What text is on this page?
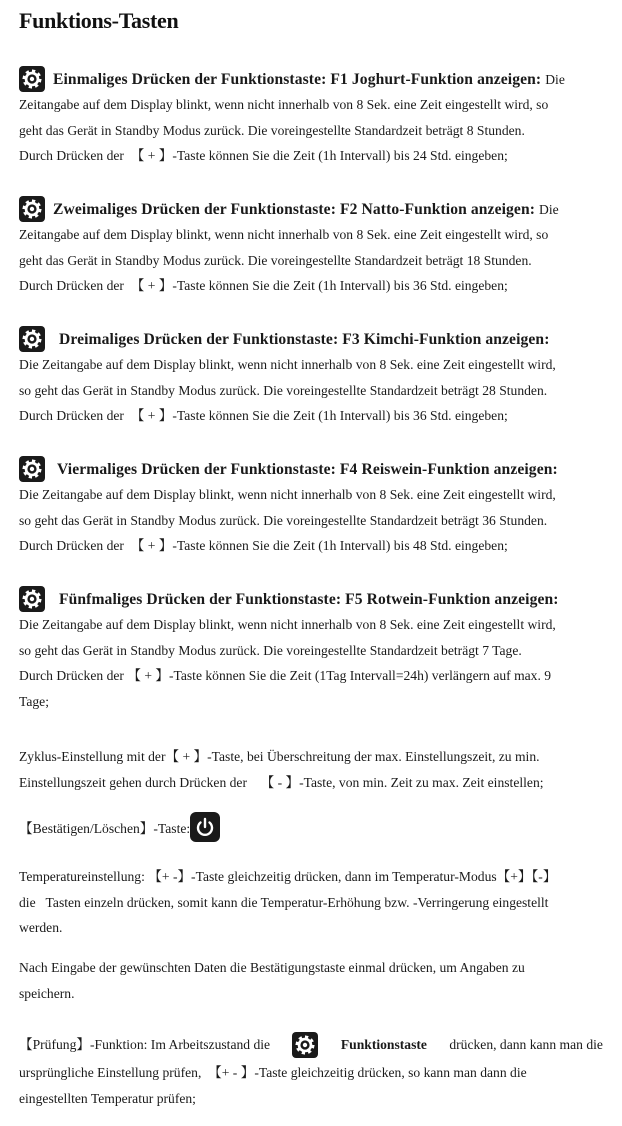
Funktions-Tasten
Einmaliges Drücken der Funktionstaste: F1 Joghurt-Funktion anzeigen: Die
Zeitangabe auf dem Display blinkt, wenn nicht innerhalb von 8 Sek. eine Zeit eingestellt wird, so
geht das Gerät in Standby Modus zurück. Die voreingestellte Standardzeit beträgt 8 Stunden.
Durch Drücken der  【 + 】-Taste können Sie die Zeit (1h Intervall) bis 24 Std. eingeben;
Zweimaliges Drücken der Funktionstaste: F2 Natto-Funktion anzeigen: Die
Zeitangabe auf dem Display blinkt, wenn nicht innerhalb von 8 Sek. eine Zeit eingestellt wird, so
geht das Gerät in Standby Modus zurück. Die voreingestellte Standardzeit beträgt 18 Stunden.
Durch Drücken der  【 + 】-Taste können Sie die Zeit (1h Intervall) bis 36 Std. eingeben;
Dreimaliges Drücken der Funktionstaste: F3 Kimchi-Funktion anzeigen:
Die Zeitangabe auf dem Display blinkt, wenn nicht innerhalb von 8 Sek. eine Zeit eingestellt wird,
so geht das Gerät in Standby Modus zurück. Die voreingestellte Standardzeit beträgt 28 Stunden.
Durch Drücken der  【 + 】-Taste können Sie die Zeit (1h Intervall) bis 36 Std. eingeben;
Viermaliges Drücken der Funktionstaste: F4 Reiswein-Funktion anzeigen:
Die Zeitangabe auf dem Display blinkt, wenn nicht innerhalb von 8 Sek. eine Zeit eingestellt wird,
so geht das Gerät in Standby Modus zurück. Die voreingestellte Standardzeit beträgt 36 Stunden.
Durch Drücken der  【 + 】-Taste können Sie die Zeit (1h Intervall) bis 48 Std. eingeben;
Fünfmaliges Drücken der Funktionstaste: F5 Rotwein-Funktion anzeigen:
Die Zeitangabe auf dem Display blinkt, wenn nicht innerhalb von 8 Sek. eine Zeit eingestellt wird,
so geht das Gerät in Standby Modus zurück. Die voreingestellte Standardzeit beträgt 7 Tage.
Durch Drücken der 【 + 】-Taste können Sie die Zeit (1Tag Intervall=24h) verlängern auf max. 9
Tage;
Zyklus-Einstellung mit der【 + 】-Taste, bei Überschreitung der max. Einstellungszeit, zu min.
Einstellungszeit gehen durch Drücken der    【 - 】-Taste, von min. Zeit zu max. Zeit einstellen;
【Bestätigen/Löschen】-Taste:
Temperatureinstellung: 【+ -】-Taste gleichzeitig drücken, dann im Temperatur-Modus【+】【-】
die   Tasten einzeln drücken, somit kann die Temperatur-Erhöhung bzw. -Verringerung eingestellt
werden.
Nach Eingabe der gewünschten Daten die Bestätigungstaste einmal drücken, um Angaben zu
speichern.
【Prüfung】-Funktion: Im Arbeitszustand die	Funktionstaste drücken, dann kann man die
ursprüngliche Einstellung prüfen,  【+ - 】-Taste gleichzeitig drücken, so kann man dann die
eingestellten Temperatur prüfen;
